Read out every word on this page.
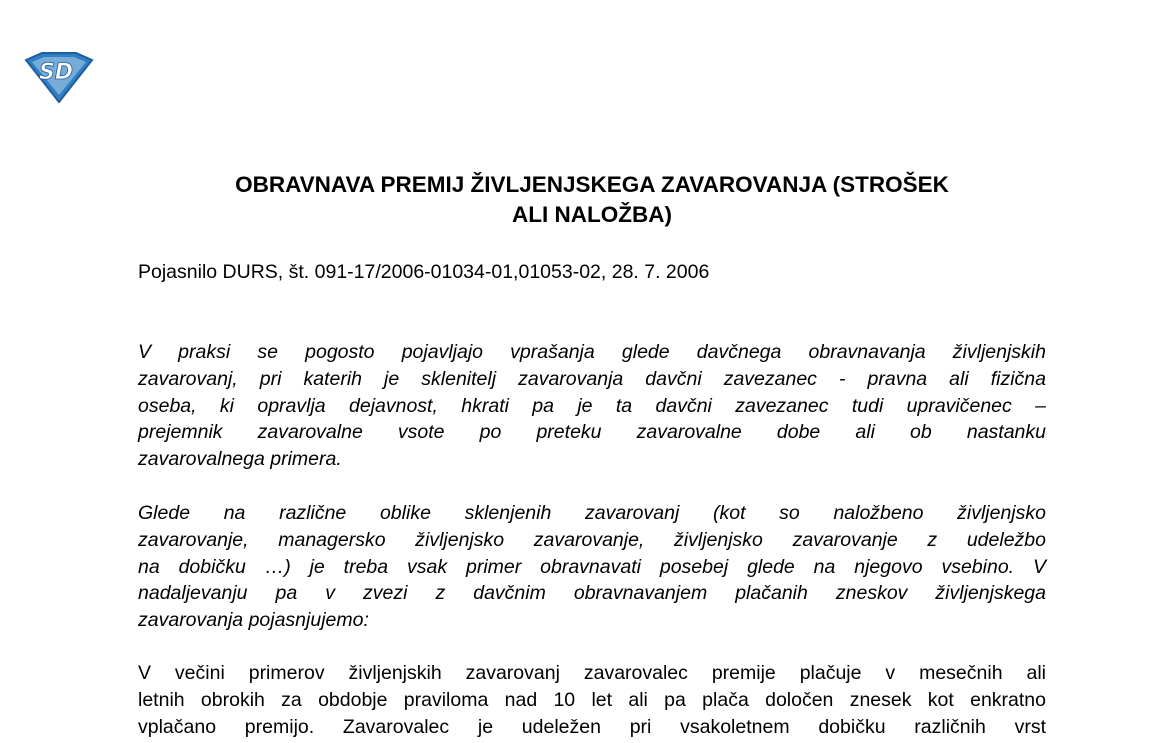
SD
OBRAVNAVA PREMIJ ŽIVLJENJSKEGA ZAVAROVANJA (STROŠEK
ALI NALOŽBA)
Pojasnilo DURS, št. 091-17/2006-01034-01,01053-02, 28. 7. 2006
V praksi se pogosto pojavljajo vprašanja glede davčnega obravnavanja življenjskih
zavarovanj, pri katerih je sklenitelj zavarovanja davčni zavezanec - pravna ali fizična
oseba, ki opravlja dejavnost, hkrati pa je ta davčni zavezanec tudi upravičenec –
prejemnik zavarovalne vsote po preteku zavarovalne dobe ali ob nastanku
zavarovalnega primera.
Glede na različne oblike sklenjenih zavarovanj (kot so naložbeno življenjsko
zavarovanje, managersko življenjsko zavarovanje, življenjsko zavarovanje z udeležbo
na dobičku …) je treba vsak primer obravnavati posebej glede na njegovo vsebino. V
nadaljevanju pa v zvezi z davčnim obravnavanjem plačanih zneskov življenjskega
zavarovanja pojasnjujemo:
V večini primerov življenjskih zavarovanj zavarovalec premije plačuje v mesečnih ali
letnih obrokih za obdobje praviloma nad 10 let ali pa plača določen znesek kot enkratno
vplačano premijo. Zavarovalec je udeležen pri vsakoletnem dobičku različnih vrst
